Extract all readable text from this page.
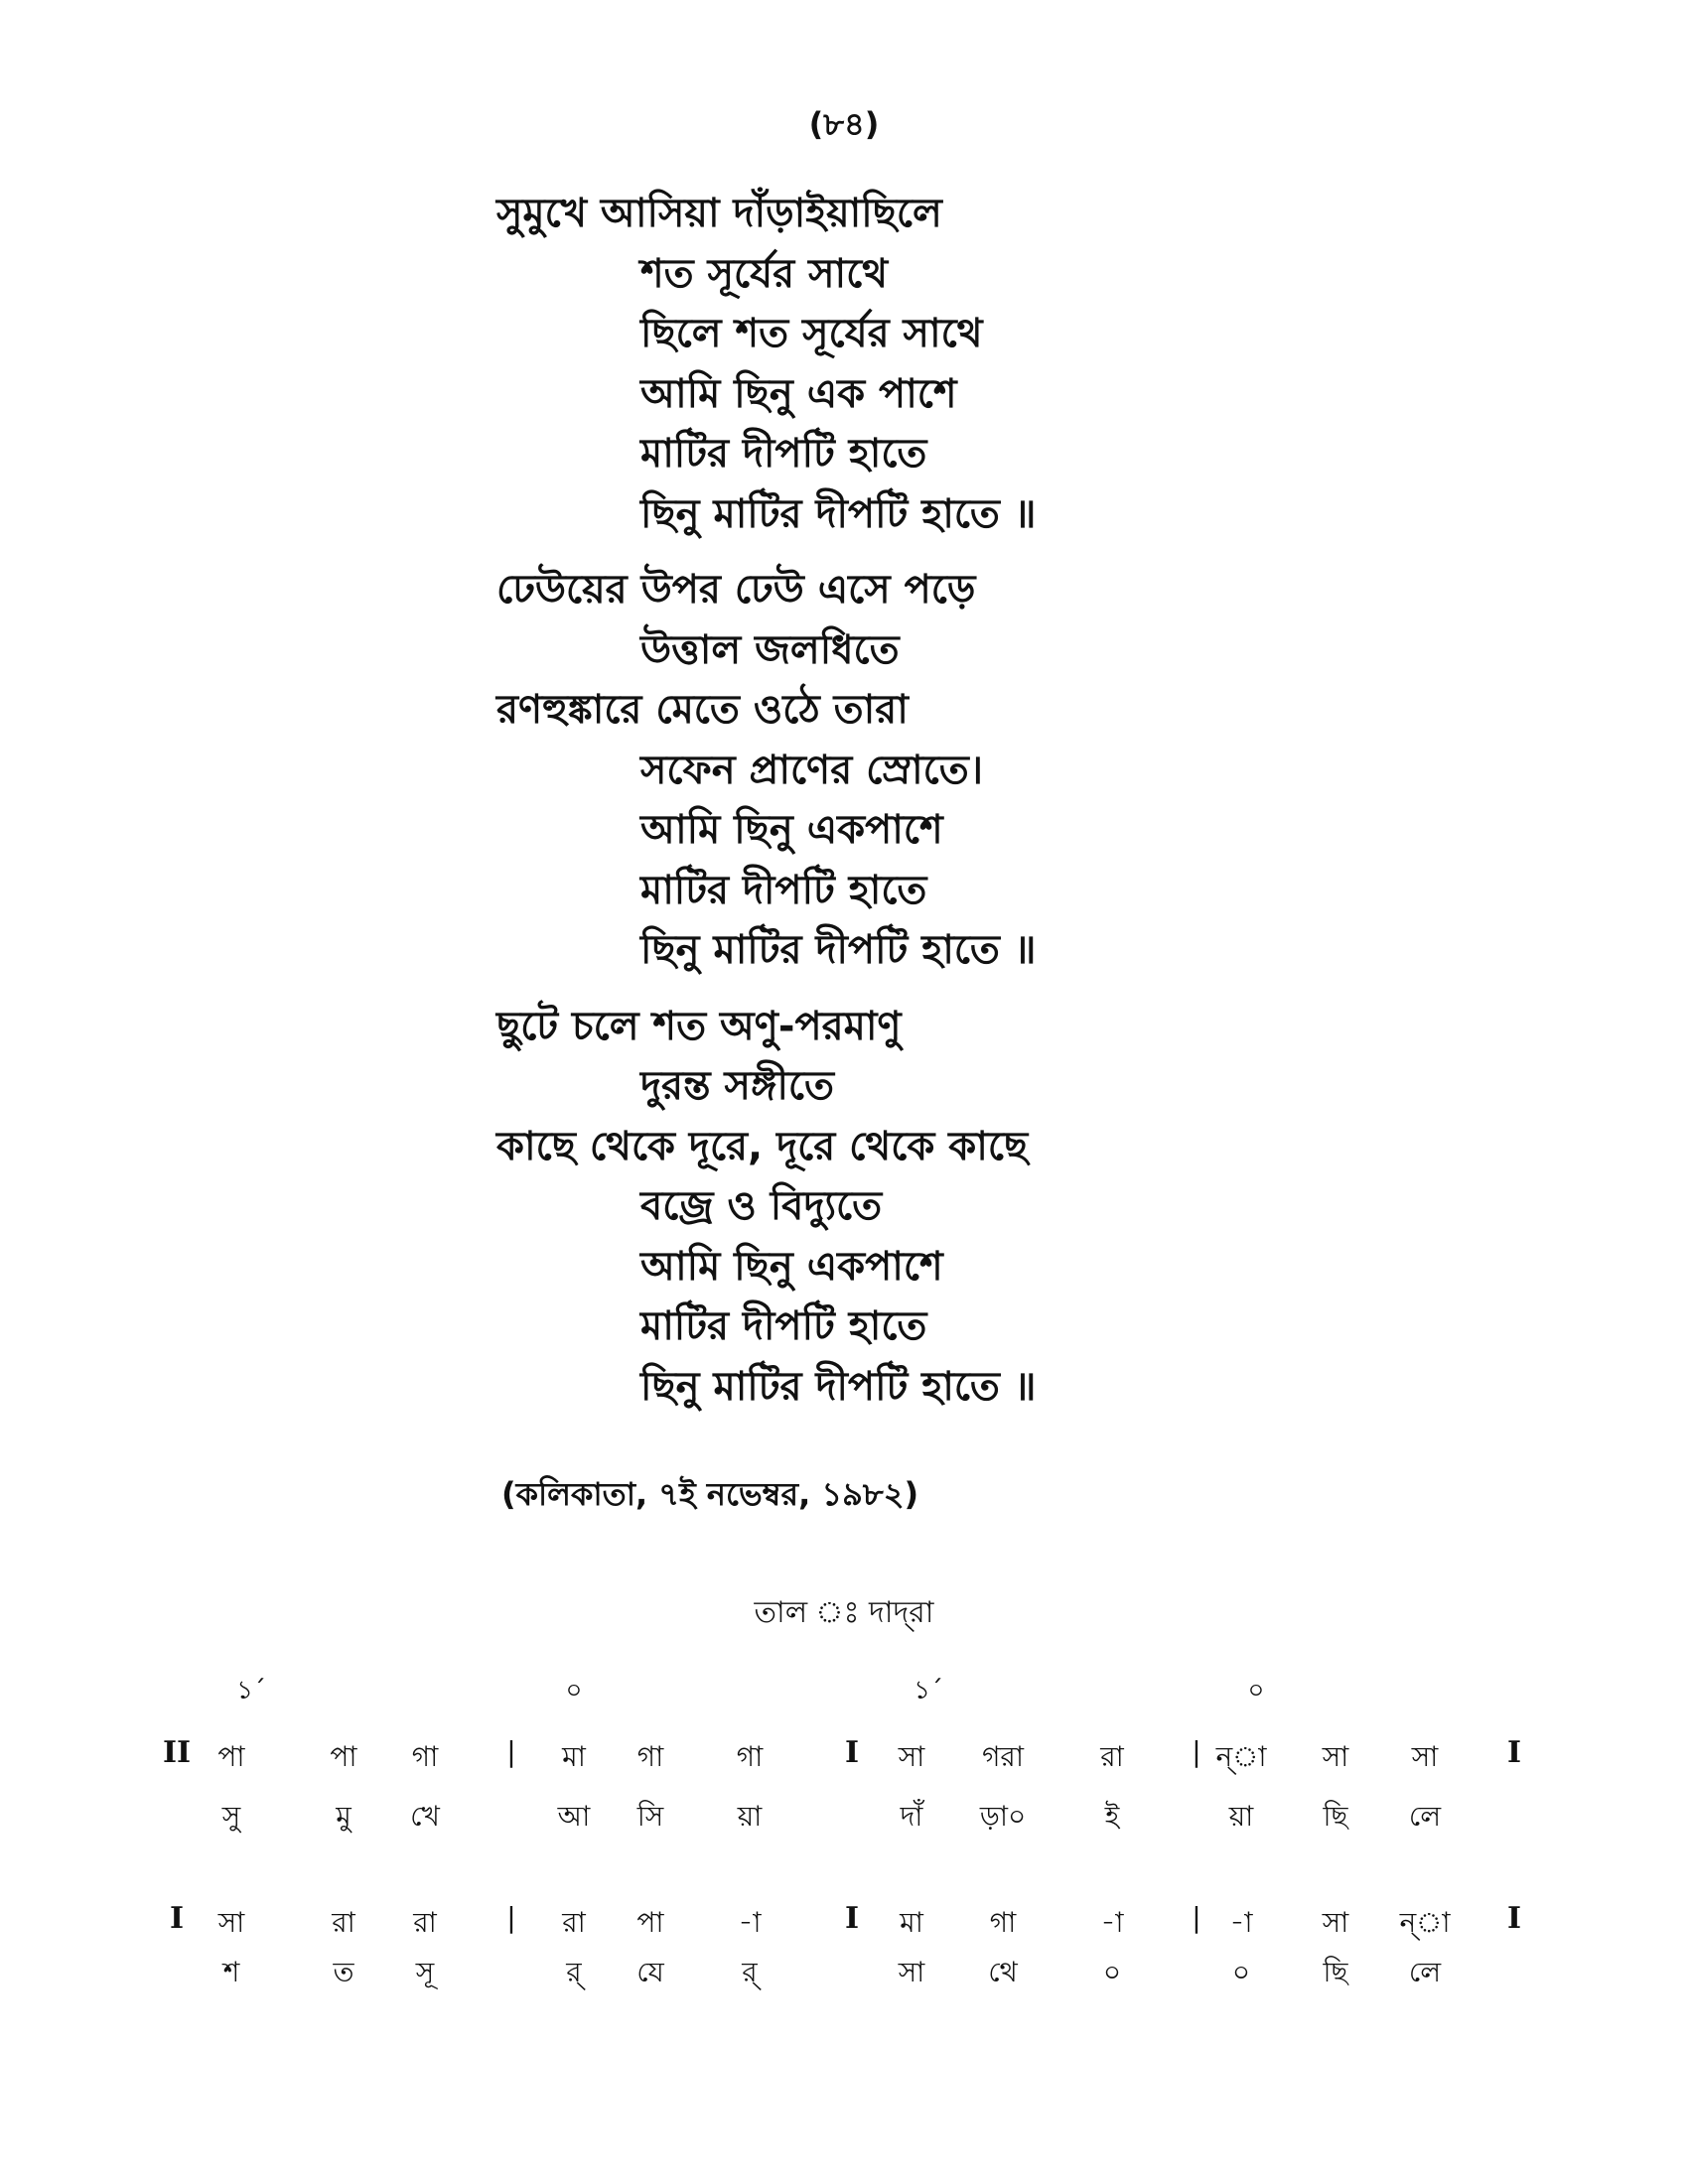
(৮৪)
সুমুখে আসিয়া দাঁড়াইয়াছিলে
শত সূর্যের সাথে
ছিলে শত সূর্যের সাথে
আমি ছিনু এক পাশে
মাটির দীপটি হাতে
ছিনু মাটির দীপটি হাতে ॥
ঢেউয়ের উপর ঢেউ এসে পড়ে
উত্তাল জলধিতে
রণহুঙ্কারে মেতে ওঠে তারা
সফেন প্রাণের স্রোতে।
আমি ছিনু একপাশে
মাটির দীপটি হাতে
ছিনু মাটির দীপটি হাতে ॥
ছুটে চলে শত অণু-পরমাণু
দুরন্ত সঙ্গীতে
কাছে থেকে দূরে, দূরে থেকে কাছে
বজ্রে ও বিদ্যুতে
আমি ছিনু একপাশে
মাটির দীপটি হাতে
ছিনু মাটির দীপটি হাতে ॥
(কলিকাতা, ৭ই নভেম্বর, ১৯৮২)
তাল ঃ দাদ্‌রা
১´	০	১´	০
II পা	পা গা | মা গা	গা	I সা গরা	রা | ন্‌া সা সা I
সু	মু খে	আ সি	য়া	দাঁ ড়া০	ই	য়া	ছি লে
I সা	রা রা	| রা পা	-া	I মা গা	-া | -া	সা ন্‌া I
শ	ত সূ	র্ যে	র্	সা থে	০	০	ছি লে
